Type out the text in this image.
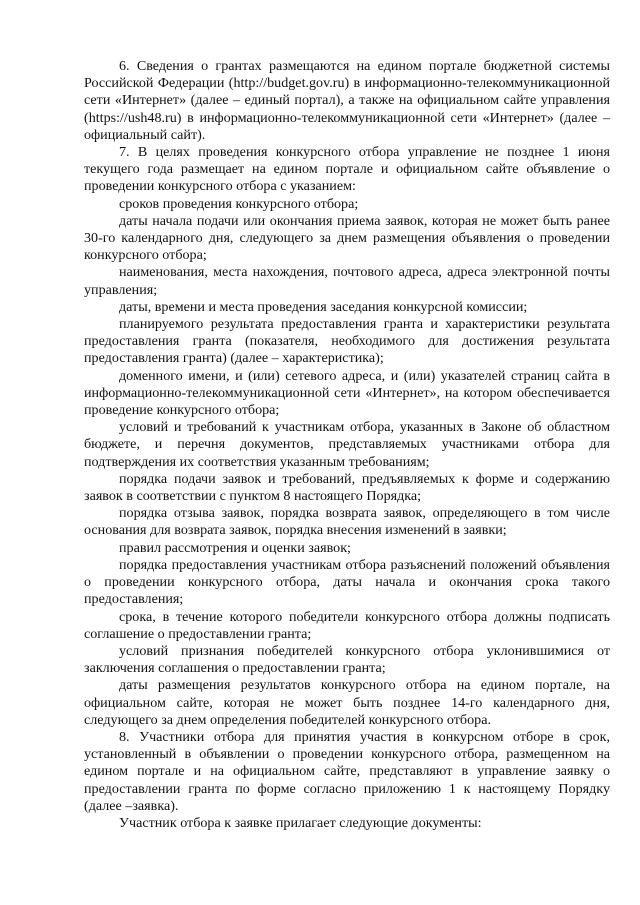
6. Сведения о грантах размещаются на едином портале бюджетной системы Российской Федерации (http://budget.gov.ru) в информационно-телекоммуникационной сети «Интернет» (далее – единый портал), а также на официальном сайте управления (https://ush48.ru) в информационно-телекоммуникационной сети «Интернет» (далее – официальный сайт).

7. В целях проведения конкурсного отбора управление не позднее 1 июня текущего года размещает на едином портале и официальном сайте объявление о проведении конкурсного отбора с указанием:

сроков проведения конкурсного отбора;

даты начала подачи или окончания приема заявок, которая не может быть ранее 30-го календарного дня, следующего за днем размещения объявления о проведении конкурсного отбора;

наименования, места нахождения, почтового адреса, адреса электронной почты управления;

даты, времени и места проведения заседания конкурсной комиссии;

планируемого результата предоставления гранта и характеристики результата предоставления гранта (показателя, необходимого для достижения результата предоставления гранта) (далее – характеристика);

доменного имени, и (или) сетевого адреса, и (или) указателей страниц сайта в информационно-телекоммуникационной сети «Интернет», на котором обеспечивается проведение конкурсного отбора;

условий и требований к участникам отбора, указанных в Законе об областном бюджете, и перечня документов, представляемых участниками отбора для подтверждения их соответствия указанным требованиям;

порядка подачи заявок и требований, предъявляемых к форме и содержанию заявок в соответствии с пунктом 8 настоящего Порядка;

порядка отзыва заявок, порядка возврата заявок, определяющего в том числе основания для возврата заявок, порядка внесения изменений в заявки;

правил рассмотрения и оценки заявок;

порядка предоставления участникам отбора разъяснений положений объявления о проведении конкурсного отбора, даты начала и окончания срока такого предоставления;

срока, в течение которого победители конкурсного отбора должны подписать соглашение о предоставлении гранта;

условий признания победителей конкурсного отбора уклонившимися от заключения соглашения о предоставлении гранта;

даты размещения результатов конкурсного отбора на едином портале, на официальном сайте, которая не может быть позднее 14-го календарного дня, следующего за днем определения победителей конкурсного отбора.

8. Участники отбора для принятия участия в конкурсном отборе в срок, установленный в объявлении о проведении конкурсного отбора, размещенном на едином портале и на официальном сайте, представляют в управление заявку о предоставлении гранта по форме согласно приложению 1 к настоящему Порядку (далее –заявка).

Участник отбора к заявке прилагает следующие документы:
